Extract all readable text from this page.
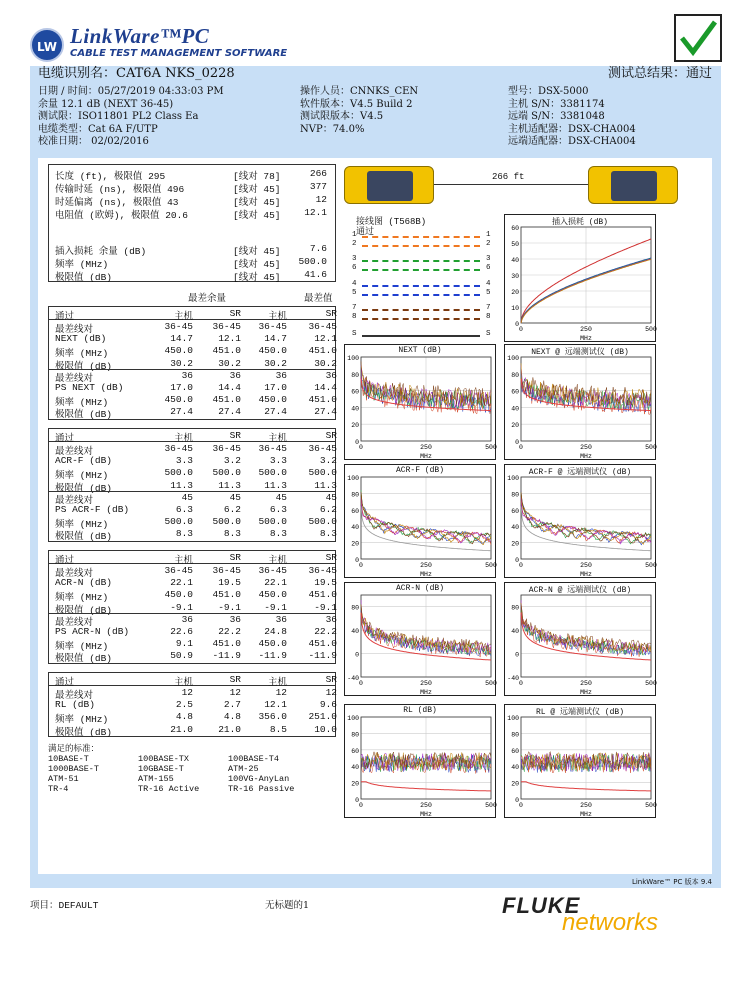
LW LinkWare™PC
CABLE TEST MANAGEMENT SOFTWARE
电缆识别名：CAT6A NKS_0228	测试总结果：通过
日期 / 时间：05/27/2019 04:33:03 PM
余量 12.1 dB (NEXT 36-45)
测试限：ISO11801 PL2 Class Ea
电缆类型：Cat 6A F/UTP
校准日期： 02/02/2016
操作人员：CNNKS_CEN
软件版本：V4.5 Build 2
测试限版本：V4.5
NVP：74.0%
型号：DSX-5000
主机 S/N：3381174
远端 S/N：3381048
主机适配器：DSX-CHA004
远端适配器：DSX-CHA004
长度 (ft), 极限值 295	[线对 78]	266
传输时延 (ns), 极限值 496	[线对 45]	377
时延偏离 (ns), 极限值 43	[线对 45]	12
电阻值 (欧姆), 极限值 20.6	[线对 45] 12.1
插入损耗 余量 (dB)	[线对 45]	7.6
频率 (MHz)	[线对 45] 500.0
极限值 (dB)	[线对 45] 41.6
最差余量	最差值
通过	主机	SR	主机	SR
最差线对	36-45 36-45 36-45 36-45
NEXT (dB)	14.7	12.1 14.7	12.1
频率 (MHz)	450.0 451.0 450.0 451.0
极限值 (dB)	30.2	30.2 30.2	30.2
最差线对	36	36	36	36
PS NEXT (dB)	17.0	14.4 17.0	14.4
频率 (MHz)	450.0 451.0 450.0 451.0
极限值 (dB)	27.4	27.4 27.4	27.4
通过	主机	SR	主机	SR
最差线对	36-45 36-45 36-45 36-45
ACR-F (dB)	3.3	3.2	3.3	3.2
频率 (MHz)	500.0 500.0 500.0 500.0
极限值 (dB)	11.3	11.3 11.3	11.3
最差线对	45	45	45	45
PS ACR-F (dB)	6.3	6.2	6.3	6.2
频率 (MHz)	500.0 500.0 500.0 500.0
极限值 (dB)	8.3	8.3	8.3	8.3
通过	主机	SR	主机	SR
最差线对	36-45 36-45 36-45 36-45
ACR-N (dB)	22.1	19.5 22.1	19.5
频率 (MHz)	450.0 451.0 450.0 451.0
极限值 (dB)	-9.1	-9.1 -9.1	-9.1
最差线对	36	36	36	36
PS ACR-N (dB)	22.6	22.2 24.8	22.2
频率 (MHz)	9.1 451.0 450.0 451.0
极限值 (dB)	50.9 -11.9 -11.9 -11.9
通过	主机	SR	主机	SR
最差线对	12	12	12	12
RL (dB)	2.5	2.7 12.1	9.6
频率 (MHz)	4.8	4.8 356.0 251.0
极限值 (dB)	21.0	21.0	8.5	10.0
满足的标准：
10BASE-T	100BASE-TX	100BASE-T4
1000BASE-T	10GBASE-T	ATM-25
ATM-51	ATM-155	100VG-AnyLan
TR-4	TR-16 Active	TR-16 Passive
266 ft
接线图 (T568B)
通过
1	1
2	2
3	3
6	6
4	4
5	5
7	7
8	8
S	S
插入损耗 (dB)
0
10
20
30
40
50
60
0	250	500
MHz
NEXT (dB)
0
20
40
60
80
100
0	250	500
MHz
NEXT @ 远端测试仪 (dB)
0
20
40
60
80
100
0	250	500
MHz
ACR-F (dB)
0
20
40
60
80
100
0	250	500
MHz
ACR-F @ 远端测试仪 (dB)
0
20
40
60
80
100
0	250	500
MHz
ACR-N (dB)
-40
0
40
80
0	250	500
MHz
ACR-N @ 远端测试仪 (dB)
-40
0
40
80
0	250	500
MHz
RL (dB)
0
20
40
60
80
100
0	250	500
MHz
RL @ 远端测试仪 (dB)
0
20
40
60
80
100
0	250	500
MHz
LinkWare™ PC 版本 9.4
项目：DEFAULT	无标题的1	FLUKE
networks
